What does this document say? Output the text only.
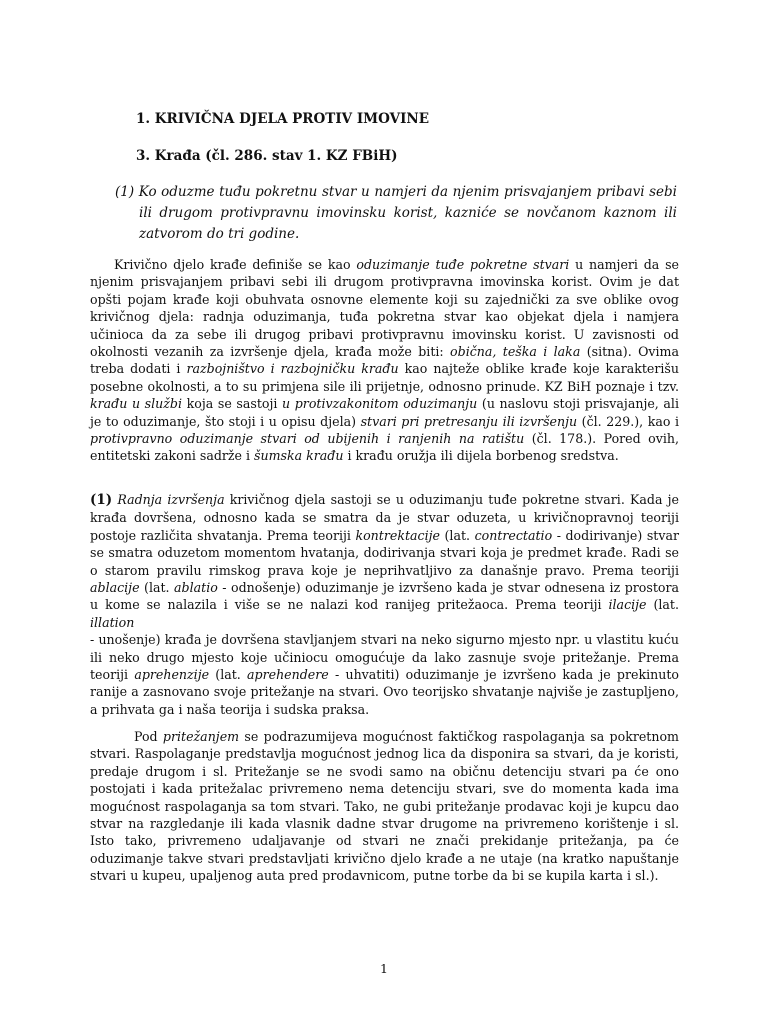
1. KRIVIČNA DJELA PROTIV IMOVINE
3. Krađa (čl. 286. stav 1. KZ FBiH)
(1) Ko oduzme tuđu pokretnu stvar u namjeri da njenim prisvajanjem pribavi sebi ili drugom protivpravnu imovinsku korist, kazniće se novčanom kaznom ili zatvorom do tri godine.
Krivično djelo krađe definiše se kao oduzimanje tuđe pokretne stvari u namjeri da se njenim prisvajanjem pribavi sebi ili drugom protivpravna imovinska korist. Ovim je dat opšti pojam krađe koji obuhvata osnovne elemente koji su zajednički za sve oblike ovog krivičnog djela: radnja oduzimanja, tuđa pokretna stvar kao objekat djela i namjera učinioca da za sebe ili drugog pribavi protivpravnu imovinsku korist. U zavisnosti od okolnosti vezanih za izvršenje djela, krađa može biti: obična, teška i laka (sitna). Ovima treba dodati i razbojništvo i razbojničku krađu kao najteže oblike krađe koje karakterišu posebne okolnosti, a to su primjena sile ili prijetnje, odnosno prinude. KZ BiH poznaje i tzv. krađu u službi koja se sastoji u protivzakonitom oduzimanju (u naslovu stoji prisvajanje, ali je to oduzimanje, što stoji i u opisu djela) stvari pri pretresanju ili izvršenju (čl. 229.), kao i protivpravno oduzimanje stvari od ubijenih i ranjenih na ratištu (čl. 178.). Pored ovih, entitetski zakoni sadrže i šumska krađu i krađu oružja ili dijela borbenog sredstva.
(1) Radnja izvršenja krivičnog djela sastoji se u oduzimanju tuđe pokretne stvari. Kada je krađa dovršena, odnosno kada se smatra da je stvar oduzeta, u krivičnopravnoj teoriji postoje različita shvatanja. Prema teoriji kontrektacije (lat. contrectatio - dodirivanje) stvar se smatra oduzetom momentom hvatanja, dodirivanja stvari koja je predmet krađe. Radi se o starom pravilu rimskog prava koje je neprihvatljivo za današnje pravo. Prema teoriji ablacije (lat. ablatio - odnošenje) oduzimanje je izvršeno kada je stvar odnesena iz prostora u kome se nalazila i više se ne nalazi kod ranijeg pritežaoca. Prema teoriji ilacije (lat. illation
- unošenje) krađa je dovršena stavljanjem stvari na neko sigurno mjesto npr. u vlastitu kuću ili neko drugo mjesto koje učiniocu omogućuje da lako zasnuje svoje pritežanje. Prema teoriji aprehenzije (lat. aprehendere - uhvatiti) oduzimanje je izvršeno kada je prekinuto ranije a zasnovano svoje pritežanje na stvari. Ovo teorijsko shvatanje najviše je zastupljeno, a prihvata ga i naša teorija i sudska praksa.
Pod pritežanjem se podrazumijeva mogućnost faktičkog raspolaganja sa pokretnom stvari. Raspolaganje predstavlja mogućnost jednog lica da disponira sa stvari, da je koristi, predaje drugom i sl. Pritežanje se ne svodi samo na običnu detenciju stvari pa će ono postojati i kada pritežalac privremeno nema detenciju stvari, sve do momenta kada ima mogućnost raspolaganja sa tom stvari. Tako, ne gubi pritežanje prodavac koji je kupcu dao stvar na razgledanje ili kada vlasnik dadne stvar drugome na privremeno korištenje i sl. Isto tako, privremeno udaljavanje od stvari ne znači prekidanje pritežanja, pa će oduzimanje takve stvari predstavljati krivično djelo krađe a ne utaje (na kratko napuštanje stvari u kupeu, upaljenog auta pred prodavnicom, putne torbe da bi se kupila karta i sl.).
1
